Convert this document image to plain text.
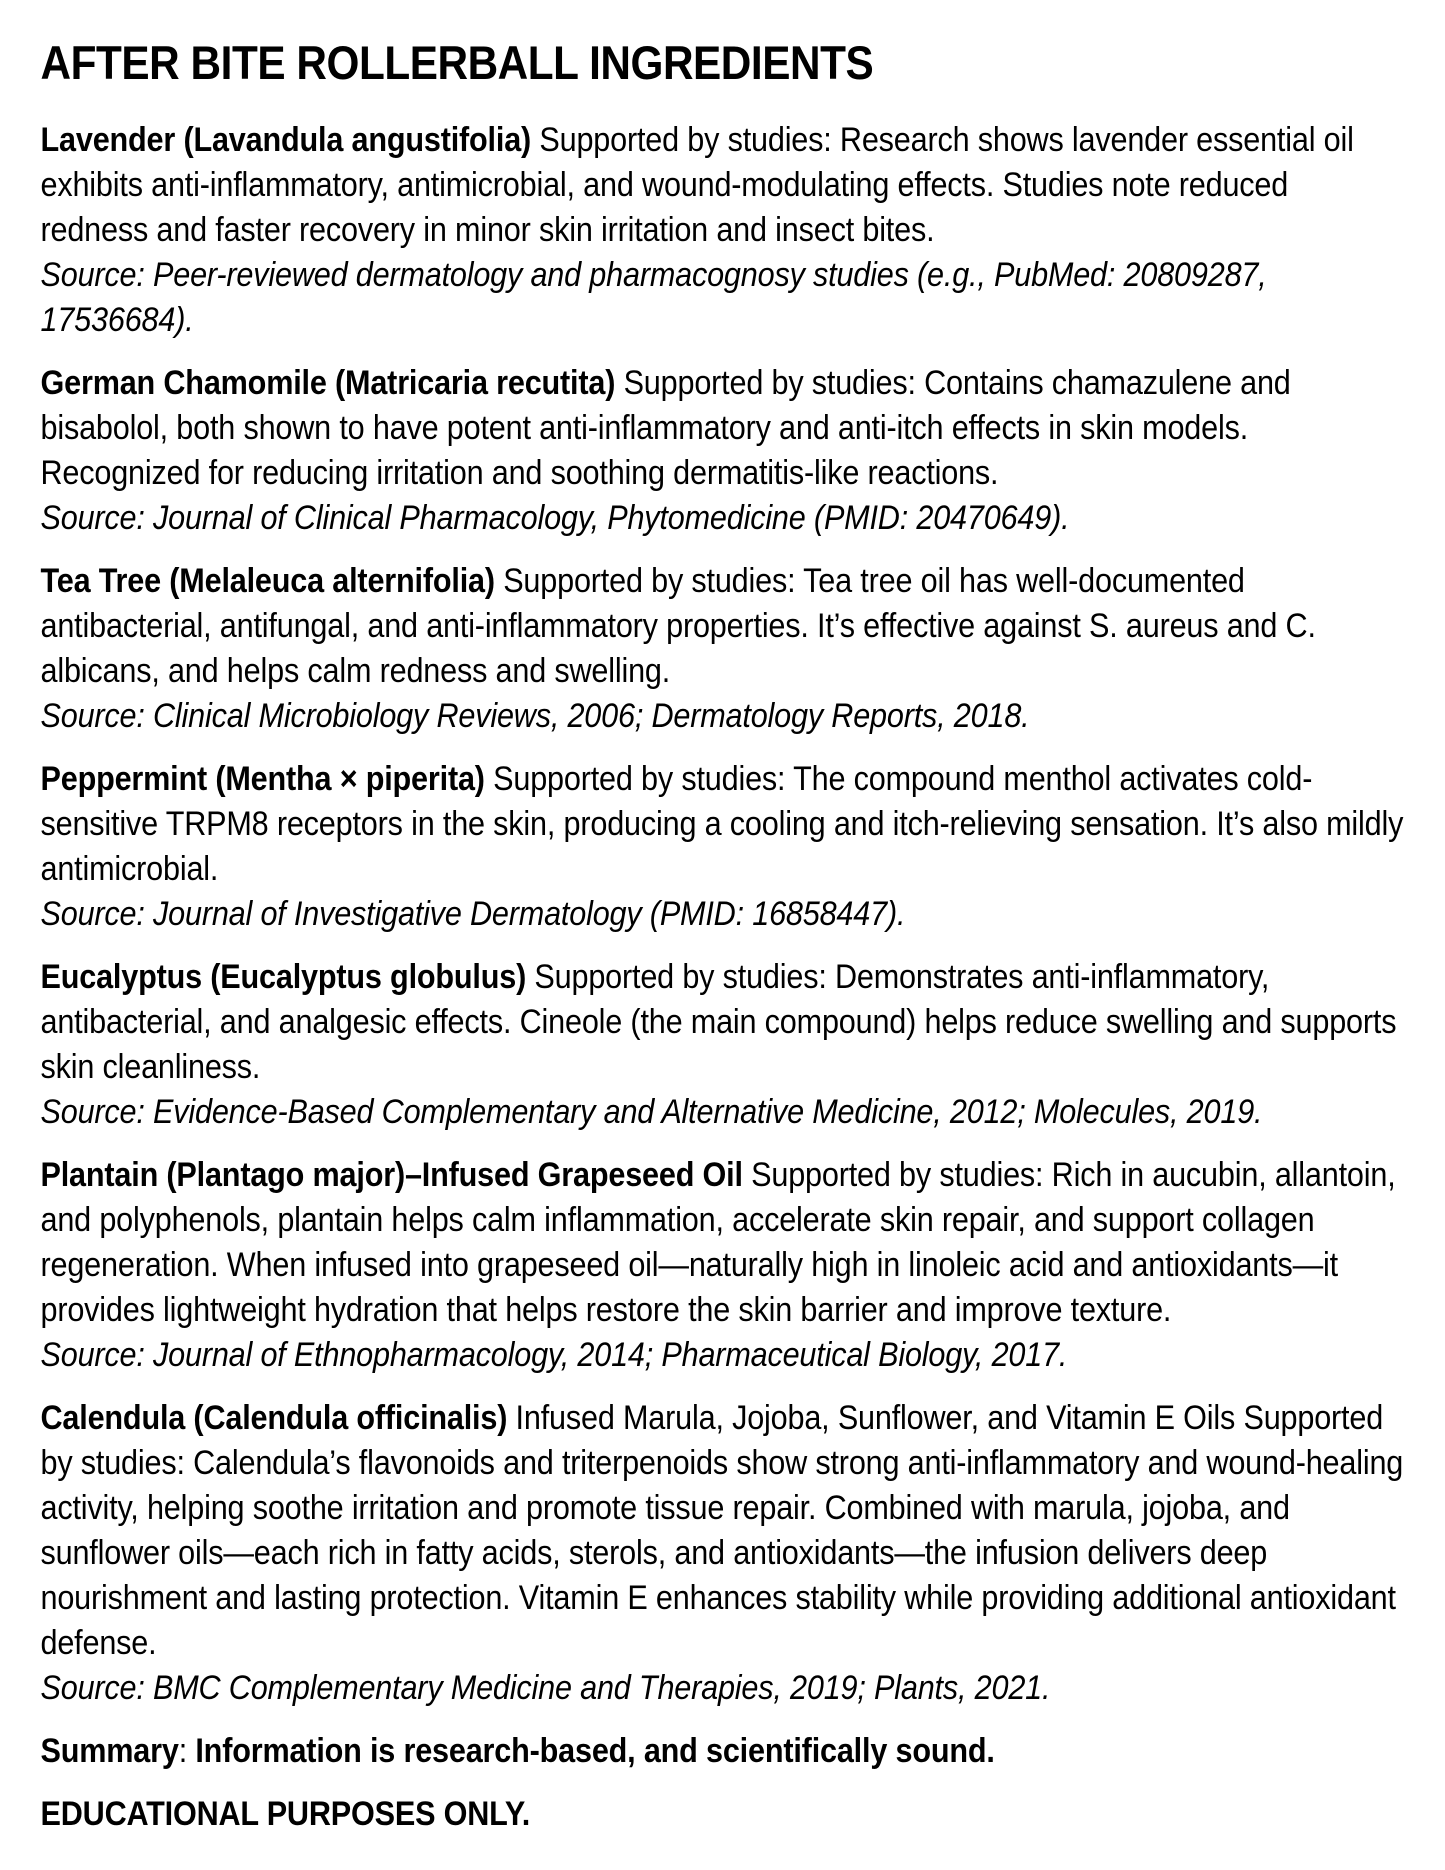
AFTER BITE ROLLERBALL INGREDIENTS

Lavender (Lavandula angustifolia) Supported by studies: Research shows lavender essential oil exhibits anti-inflammatory, antimicrobial, and wound-modulating effects. Studies note reduced redness and faster recovery in minor skin irritation and insect bites.
Source: Peer-reviewed dermatology and pharmacognosy studies (e.g., PubMed: 20809287, 17536684).

German Chamomile (Matricaria recutita) Supported by studies: Contains chamazulene and bisabolol, both shown to have potent anti-inflammatory and anti-itch effects in skin models. Recognized for reducing irritation and soothing dermatitis-like reactions.
Source: Journal of Clinical Pharmacology, Phytomedicine (PMID: 20470649).

Tea Tree (Melaleuca alternifolia) Supported by studies: Tea tree oil has well-documented antibacterial, antifungal, and anti-inflammatory properties. It’s effective against S. aureus and C. albicans, and helps calm redness and swelling.
Source: Clinical Microbiology Reviews, 2006; Dermatology Reports, 2018.

Peppermint (Mentha × piperita) Supported by studies: The compound menthol activates cold-sensitive TRPM8 receptors in the skin, producing a cooling and itch-relieving sensation. It’s also mildly antimicrobial.
Source: Journal of Investigative Dermatology (PMID: 16858447).

Eucalyptus (Eucalyptus globulus) Supported by studies: Demonstrates anti-inflammatory, antibacterial, and analgesic effects. Cineole (the main compound) helps reduce swelling and supports skin cleanliness.
Source: Evidence-Based Complementary and Alternative Medicine, 2012; Molecules, 2019.

Plantain (Plantago major)–Infused Grapeseed Oil Supported by studies: Rich in aucubin, allantoin, and polyphenols, plantain helps calm inflammation, accelerate skin repair, and support collagen regeneration. When infused into grapeseed oil—naturally high in linoleic acid and antioxidants—it provides lightweight hydration that helps restore the skin barrier and improve texture.
Source: Journal of Ethnopharmacology, 2014; Pharmaceutical Biology, 2017.

Calendula (Calendula officinalis) Infused Marula, Jojoba, Sunflower, and Vitamin E Oils Supported by studies: Calendula’s flavonoids and triterpenoids show strong anti-inflammatory and wound-healing activity, helping soothe irritation and promote tissue repair. Combined with marula, jojoba, and sunflower oils—each rich in fatty acids, sterols, and antioxidants—the infusion delivers deep nourishment and lasting protection. Vitamin E enhances stability while providing additional antioxidant defense.
Source: BMC Complementary Medicine and Therapies, 2019; Plants, 2021.

Summary: Information is research-based, and scientifically sound.

EDUCATIONAL PURPOSES ONLY.
